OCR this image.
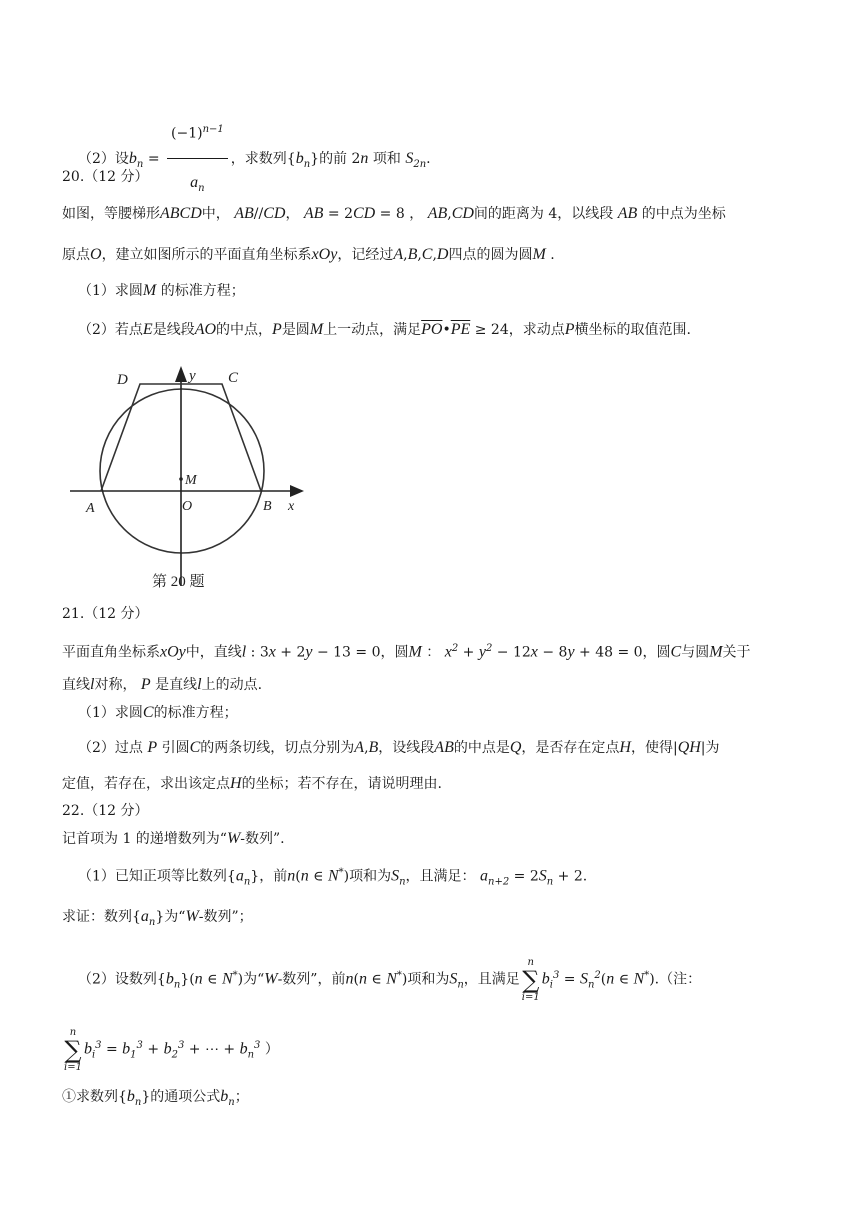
（2）设$b_n = \frac{(-1)^{n-1}}{a_n}$ ，求数列$\{b_n\}$的前 2n 项和 $S_{2n}$.
20.（12 分）
如图，等腰梯形ABCD中， AB//CD， AB = 2CD = 8 ， AB,CD间的距离为 4，以线段 AB 的中点为坐标
原点O，建立如图所示的平面直角坐标系xOy，记经过A,B,C,D四点的圆为圆M .
（1）求圆M 的标准方程；
（2）若点E是线段AO的中点，P是圆M上一动点，满足$\overline{PO}•\overline{PE} \ge 24$，求动点P横坐标的取值范围.
y
D	C
M
O
A	B x
第 20 题
21.（12 分）
平面直角坐标系xOy中，直线l : 3x + 2y − 13 = 0，圆M ： $x^2 + y^2 - 12x - 8y + 48 = 0$，圆C与圆M关于
直线l对称， P 是直线l上的动点.
（1）求圆C的标准方程；
（2）过点 P 引圆C的两条切线，切点分别为A,B，设线段AB的中点是Q，是否存在定点H，使得|QH|为
定值，若存在，求出该定点H的坐标；若不存在，请说明理由.
22.（12 分）
记首项为 1 的递增数列为“W-数列”.
（1）已知正项等比数列$\{a_n\}$，前n(n ∈ N*)项和为$S_n$，且满足： $a_{n+2} = 2S_n + 2$.
求证：数列$\{a_n\}$为“W-数列”；
（2）设数列$\{b_n\}(n$ ∈ N*)为“W-数列”，前n(n ∈ N*)项和为$S_n$，且满足
n
∑
i=1
$b_i^3 = S_n^2(n$ ∈ N*).（注：
n
∑
i=1
$b_i^3 = b_1^3 + b_2^3$ + ⋯ + $b_n^3$ ）
①求数列$\{b_n\}$的通项公式$b_n$；
